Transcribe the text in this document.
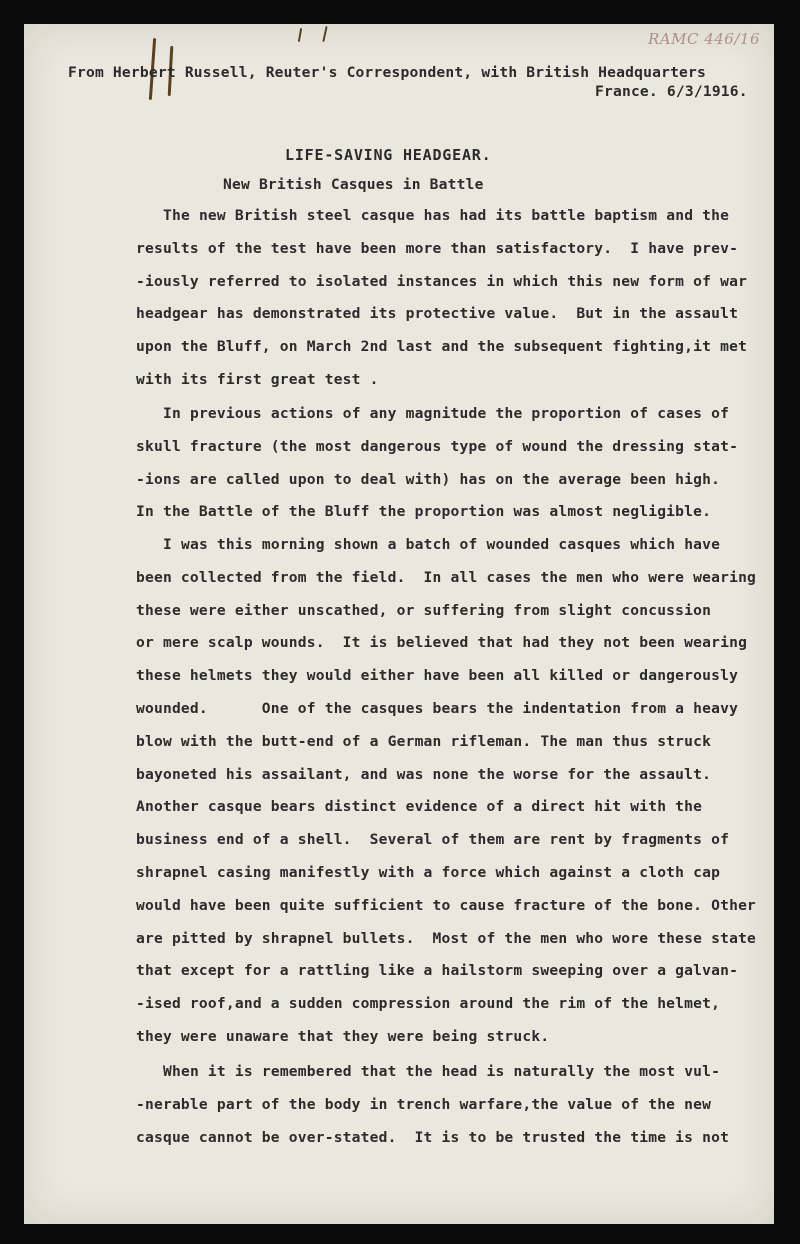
RAMC 446/16
From Herbert Russell, Reuter's Correspondent, with British Headquarters
France. 6/3/1916.
LIFE-SAVING HEADGEAR.
New British Casques in Battle
The new British steel casque has had its battle baptism and the
results of the test have been more than satisfactory.  I have prev-
-iously referred to isolated instances in which this new form of war
headgear has demonstrated its protective value.  But in the assault
upon the Bluff, on March 2nd last and the subsequent fighting,it met
with its first great test .
In previous actions of any magnitude the proportion of cases of
skull fracture (the most dangerous type of wound the dressing stat-
-ions are called upon to deal with) has on the average been high.
In the Battle of the Bluff the proportion was almost negligible.
I was this morning shown a batch of wounded casques which have
been collected from the field.  In all cases the men who were wearing
these were either unscathed, or suffering from slight concussion
or mere scalp wounds.  It is believed that had they not been wearing
these helmets they would either have been all killed or dangerously
wounded.      One of the casques bears the indentation from a heavy
blow with the butt-end of a German rifleman. The man thus struck
bayoneted his assailant, and was none the worse for the assault.
Another casque bears distinct evidence of a direct hit with the
business end of a shell.  Several of them are rent by fragments of
shrapnel casing manifestly with a force which against a cloth cap
would have been quite sufficient to cause fracture of the bone. Other
are pitted by shrapnel bullets.  Most of the men who wore these state
that except for a rattling like a hailstorm sweeping over a galvan-
-ised roof,and a sudden compression around the rim of the helmet,
they were unaware that they were being struck.
When it is remembered that the head is naturally the most vul-
-nerable part of the body in trench warfare,the value of the new
casque cannot be over-stated.  It is to be trusted the time is not
